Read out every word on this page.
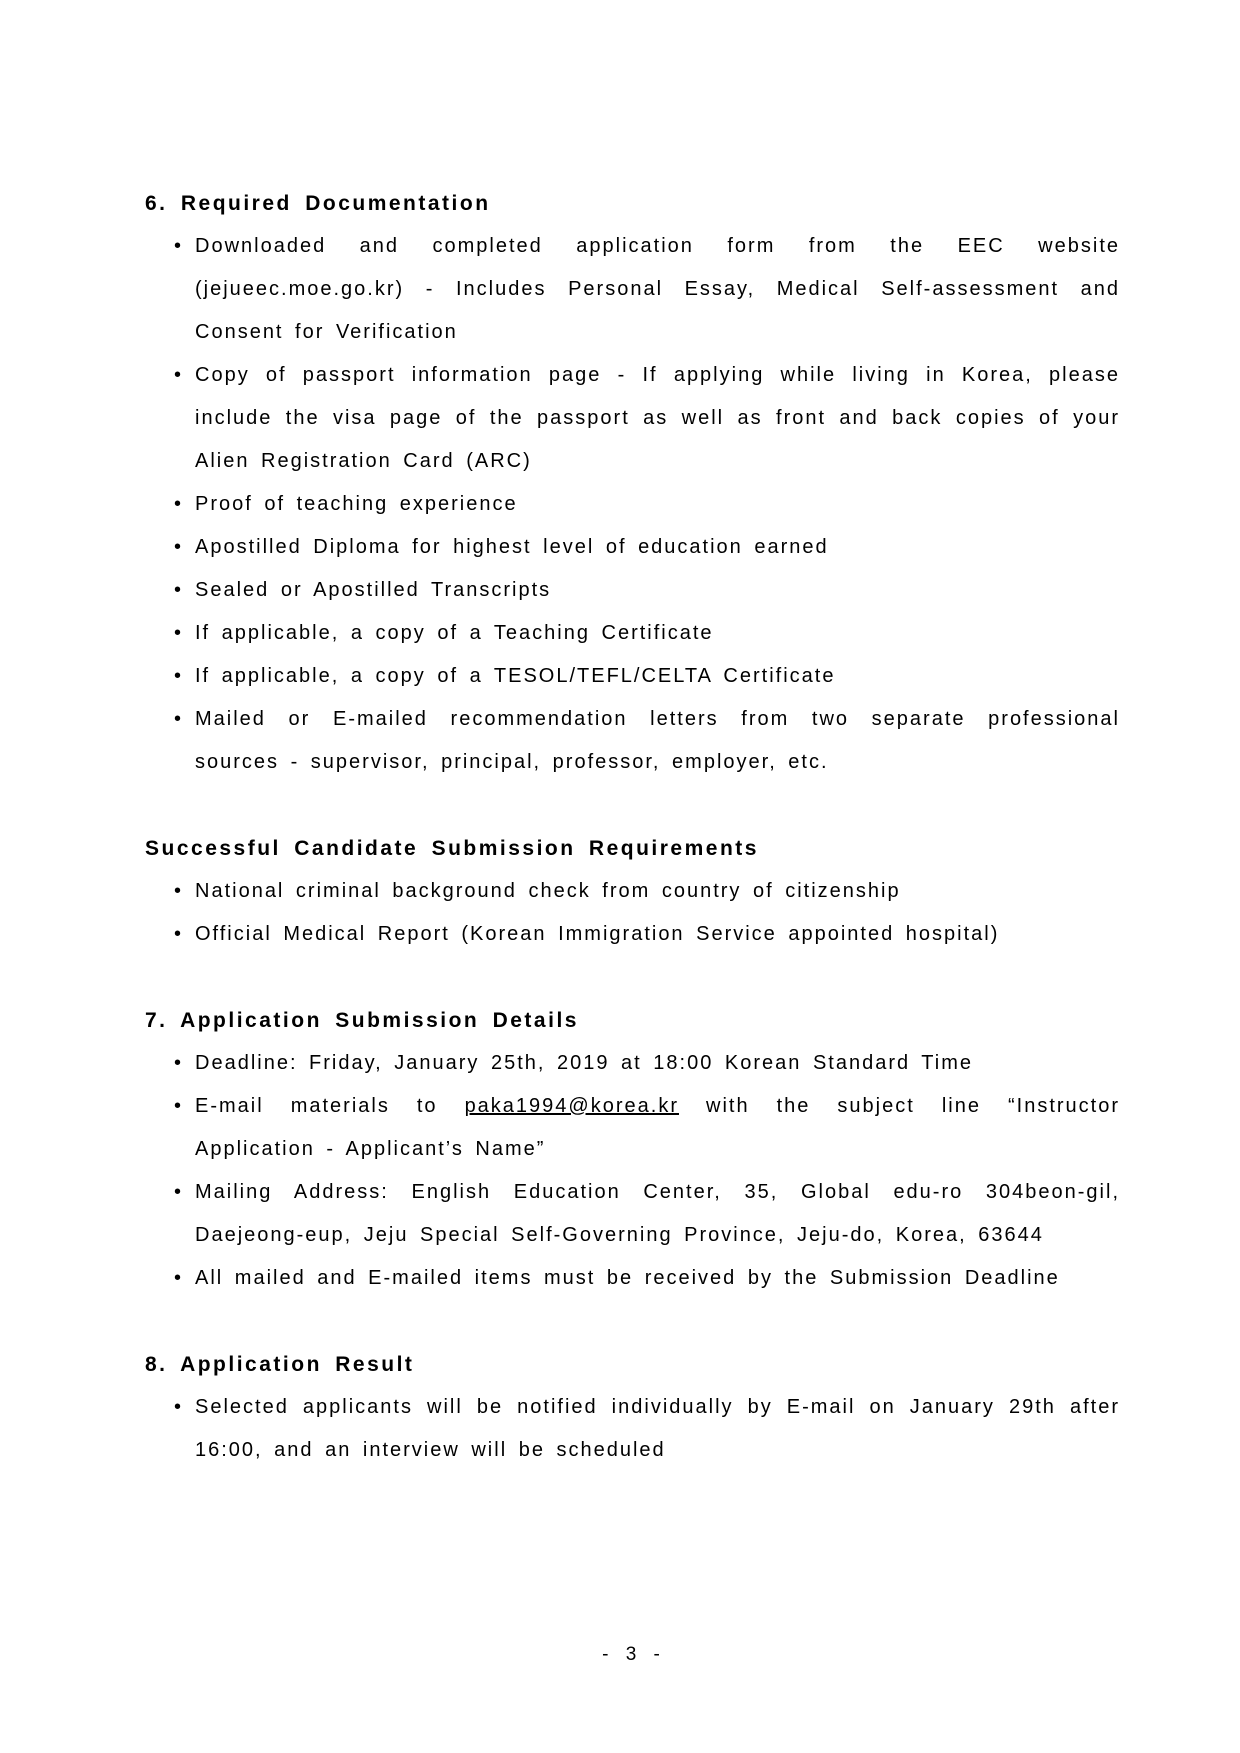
6. Required Documentation
• Downloaded and completed application form from the EEC website (jejueec.moe.go.kr) - Includes Personal Essay, Medical Self-assessment and Consent for Verification
• Copy of passport information page - If applying while living in Korea, please include the visa page of the passport as well as front and back copies of your Alien Registration Card (ARC)
• Proof of teaching experience
• Apostilled Diploma for highest level of education earned
• Sealed or Apostilled Transcripts
• If applicable, a copy of a Teaching Certificate
• If applicable, a copy of a TESOL/TEFL/CELTA Certificate
• Mailed or E-mailed recommendation letters from two separate professional sources - supervisor, principal, professor, employer, etc.
Successful Candidate Submission Requirements
• National criminal background check from country of citizenship
• Official Medical Report (Korean Immigration Service appointed hospital)
7. Application Submission Details
• Deadline: Friday, January 25th, 2019 at 18:00 Korean Standard Time
• E-mail materials to paka1994@korea.kr with the subject line “Instructor Application - Applicant’s Name”
• Mailing Address: English Education Center, 35, Global edu-ro 304beon-gil, Daejeong-eup, Jeju Special Self-Governing Province, Jeju-do, Korea, 63644
• All mailed and E-mailed items must be received by the Submission Deadline
8. Application Result
• Selected applicants will be notified individually by E-mail on January 29th after 16:00, and an interview will be scheduled
- 3 -
